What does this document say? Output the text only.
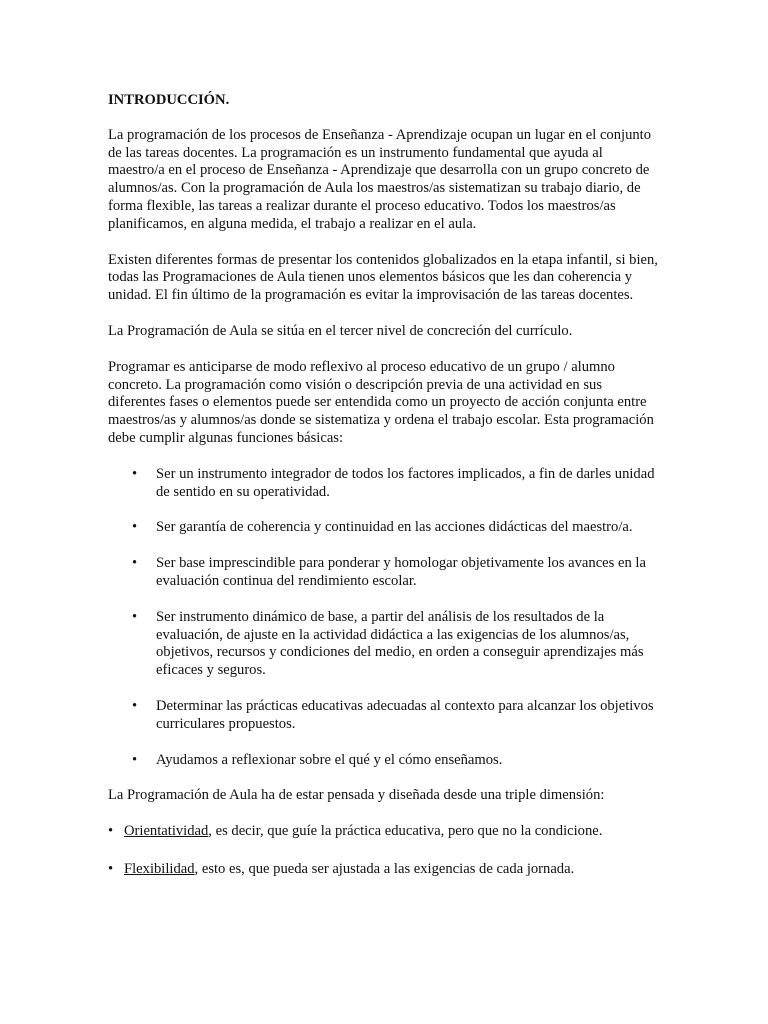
INTRODUCCIÓN.

La programación de los procesos de Enseñanza - Aprendizaje ocupan un lugar en el conjunto de las tareas docentes. La programación es un instrumento fundamental que ayuda al maestro/a en el proceso de Enseñanza - Aprendizaje que desarrolla con un grupo concreto de alumnos/as. Con la programación de Aula los maestros/as sistematizan su trabajo diario, de forma flexible, las tareas a realizar durante el proceso educativo. Todos los maestros/as planificamos, en alguna medida, el trabajo a realizar en el aula.

Existen diferentes formas de presentar los contenidos globalizados en la etapa infantil, si bien, todas las Programaciones de Aula tienen unos elementos básicos que les dan coherencia y unidad. El fin último de la programación es evitar la improvisación de las tareas docentes.

La Programación de Aula se sitúa en el tercer nivel de concreción del currículo.

Programar es anticiparse de modo reflexivo al proceso educativo de un grupo / alumno concreto. La programación como visión o descripción previa de una actividad en sus diferentes fases o elementos puede ser entendida como un proyecto de acción conjunta entre maestros/as y alumnos/as donde se sistematiza y ordena el trabajo escolar. Esta programación debe cumplir algunas funciones básicas:

• Ser un instrumento integrador de todos los factores implicados, a fin de darles unidad de sentido en su operatividad.
• Ser garantía de coherencia y continuidad en las acciones didácticas del maestro/a.
• Ser base imprescindible para ponderar y homologar objetivamente los avances en la evaluación continua del rendimiento escolar.
• Ser instrumento dinámico de base, a partir del análisis de los resultados de la evaluación, de ajuste en la actividad didáctica a las exigencias de los alumnos/as, objetivos, recursos y condiciones del medio, en orden a conseguir aprendizajes más eficaces y seguros.
• Determinar las prácticas educativas adecuadas al contexto para alcanzar los objetivos curriculares propuestos.
• Ayudamos a reflexionar sobre el qué y el cómo enseñamos.

La Programación de Aula ha de estar pensada y diseñada desde una triple dimensión:

• Orientatividad, es decir, que guíe la práctica educativa, pero que no la condicione.
• Flexibilidad, esto es, que pueda ser ajustada a las exigencias de cada jornada.
